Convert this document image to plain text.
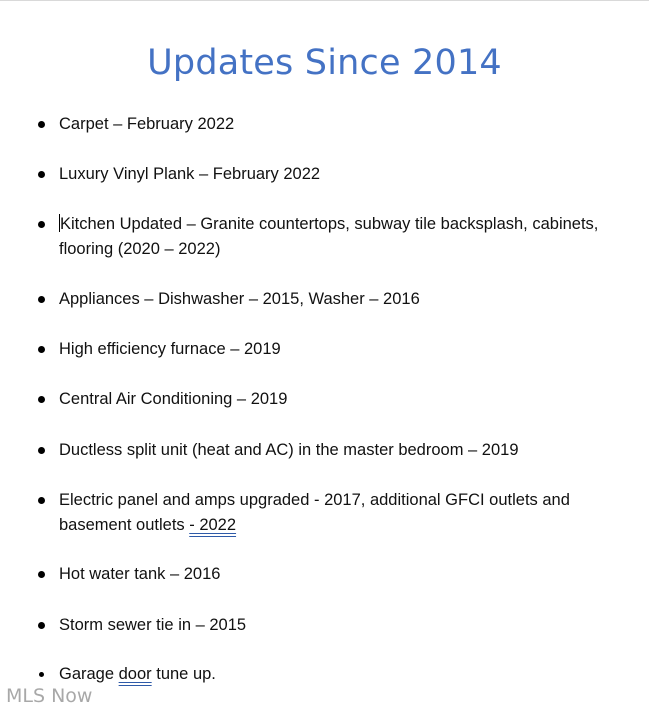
Updates Since 2014
Carpet – February 2022
Luxury Vinyl Plank – February 2022
Kitchen Updated – Granite countertops, subway tile backsplash, cabinets, flooring (2020 – 2022)
Appliances – Dishwasher – 2015, Washer – 2016
High efficiency furnace – 2019
Central Air Conditioning – 2019
Ductless split unit (heat and AC) in the master bedroom – 2019
Electric panel and amps upgraded - 2017, additional GFCI outlets and basement outlets - 2022
Hot water tank – 2016
Storm sewer tie in – 2015
Garage door tune up.
MLS Now
